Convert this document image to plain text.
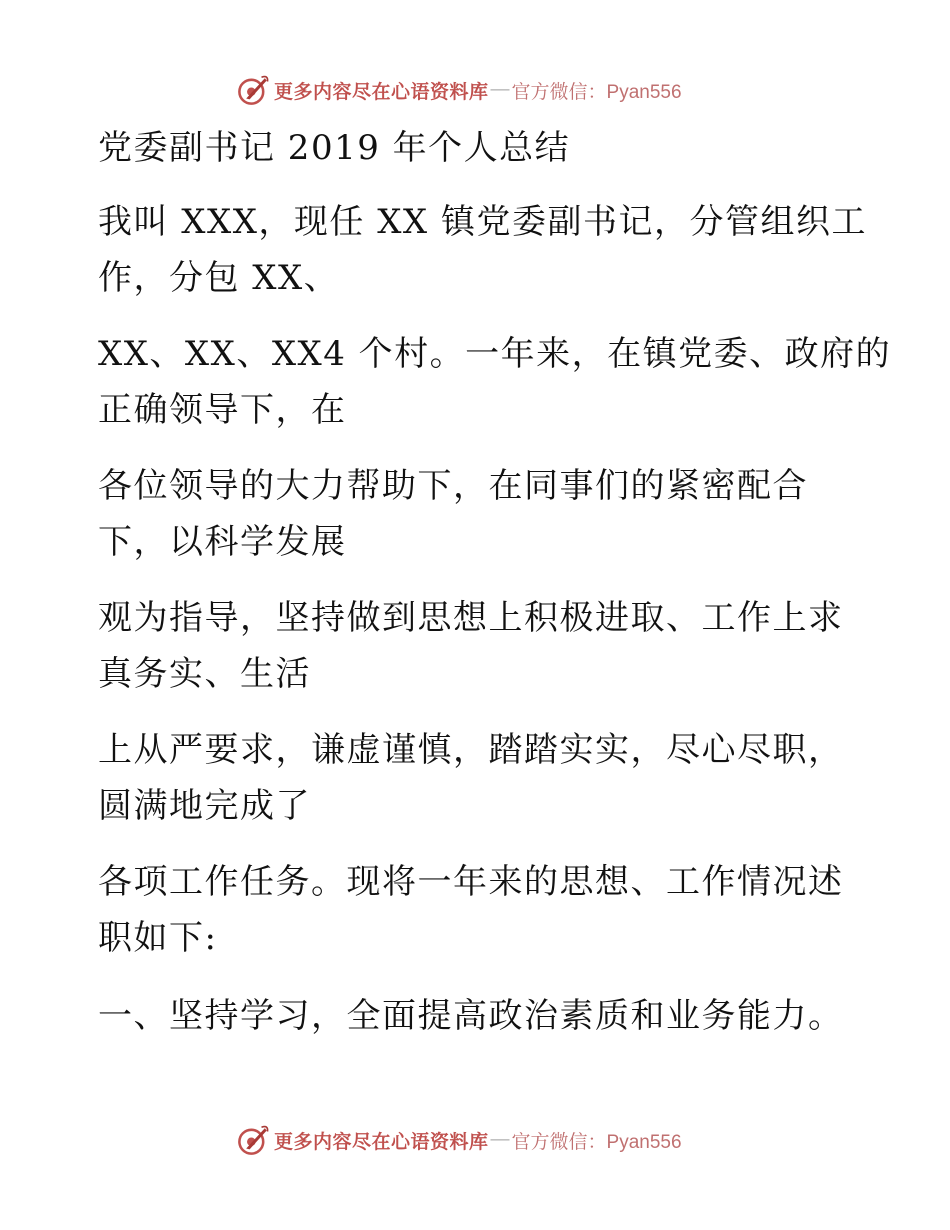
更多内容尽在心语资料库 — 官方微信：Pyan556
党委副书记 2019 年个人总结
我叫 XXX，现任 XX 镇党委副书记，分管组织工
作，分包 XX、
XX、XX、XX4 个村。一年来，在镇党委、政府的
正确领导下，在
各位领导的大力帮助下，在同事们的紧密配合
下，以科学发展
观为指导，坚持做到思想上积极进取、工作上求
真务实、生活
上从严要求，谦虚谨慎，踏踏实实，尽心尽职，
圆满地完成了
各项工作任务。现将一年来的思想、工作情况述
职如下:
一、坚持学习，全面提高政治素质和业务能力。
更多内容尽在心语资料库 — 官方微信：Pyan556
